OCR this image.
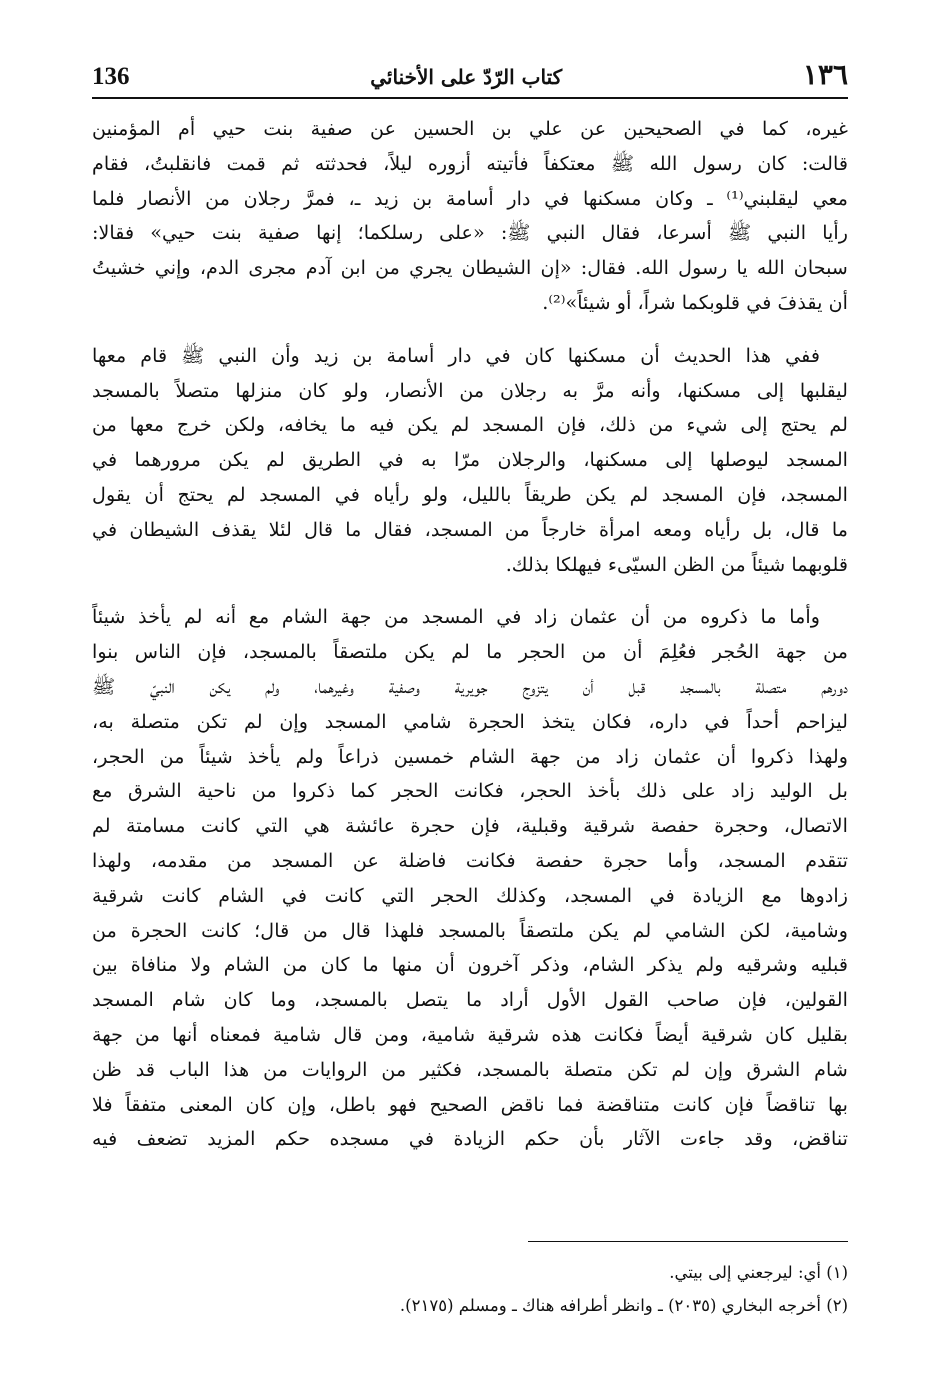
١٣٦
كتاب الرّدّ على الأخنائي
136

غيره، كما في الصحيحين عن علي بن الحسين عن صفية بنت حيي أم المؤمنين
قالت: كان رسول الله ﷺ معتكفاً فأتيته أزوره ليلاً، فحدثته ثم قمت فانقلبتُ، فقام
معي ليقلبني⁽¹⁾ ـ وكان مسكنها في دار أسامة بن زيد ـ، فمرَّ رجلان من الأنصار فلما
رأيا النبي ﷺ أسرعا، فقال النبي ﷺ: «على رسلكما؛ إنها صفية بنت حيي» فقالا:
سبحان الله يا رسول الله. فقال: «إن الشيطان يجري من ابن آدم مجرى الدم، وإني خشيتُ
أن يقذفَ في قلوبكما شراً، أو شيئاً»⁽²⁾.

ففي هذا الحديث أن مسكنها كان في دار أسامة بن زيد وأن النبي ﷺ قام معها
ليقلبها إلى مسكنها، وأنه مرَّ به رجلان من الأنصار، ولو كان منزلها متصلاً بالمسجد
لم يحتج إلى شيء من ذلك، فإن المسجد لم يكن فيه ما يخافه، ولكن خرج معها من
المسجد ليوصلها إلى مسكنها، والرجلان مرّا به في الطريق لم يكن مرورهما في
المسجد، فإن المسجد لم يكن طريقاً بالليل، ولو رأياه في المسجد لم يحتج أن يقول
ما قال، بل رأياه ومعه امرأة خارجاً من المسجد، فقال ما قال لئلا يقذف الشيطان في
قلوبهما شيئاً من الظن السيّىء فيهلكا بذلك.

وأما ما ذكروه من أن عثمان زاد في المسجد من جهة الشام مع أنه لم يأخذ شيئاً
من جهة الحُجر فعُلِمَ أن من الحجر ما لم يكن ملتصقاً بالمسجد، فإن الناس بنوا
دورهم متصلة بالمسجد قبل أن يتزوج جويرية وصفية وغيرهما، ولم يكن النبيّ ﷺ
ليزاحم أحداً في داره، فكان يتخذ الحجرة شامي المسجد وإن لم تكن متصلة به،
ولهذا ذكروا أن عثمان زاد من جهة الشام خمسين ذراعاً ولم يأخذ شيئاً من الحجر،
بل الوليد زاد على ذلك بأخذ الحجر، فكانت الحجر كما ذكروا من ناحية الشرق مع
الاتصال، وحجرة حفصة شرقية وقبلية، فإن حجرة عائشة هي التي كانت مسامتة لم
تتقدم المسجد، وأما حجرة حفصة فكانت فاضلة عن المسجد من مقدمه، ولهذا
زادوها مع الزيادة في المسجد، وكذلك الحجر التي كانت في الشام كانت شرقية
وشامية، لكن الشامي لم يكن ملتصقاً بالمسجد فلهذا قال من قال؛ كانت الحجرة من
قبليه وشرقيه ولم يذكر الشام، وذكر آخرون أن منها ما كان من الشام ولا منافاة بين
القولين، فإن صاحب القول الأول أراد ما يتصل بالمسجد، وما كان شام المسجد
بقليل كان شرقية أيضاً فكانت هذه شرقية شامية، ومن قال شامية فمعناه أنها من جهة
شام الشرق وإن لم تكن متصلة بالمسجد، فكثير من الروايات من هذا الباب قد ظن
بها تناقضاً فإن كانت متناقضة فما ناقض الصحيح فهو باطل، وإن كان المعنى متفقاً فلا
تناقض، وقد جاءت الآثار بأن حكم الزيادة في مسجده حكم المزيد تضعف فيه

(١) أي: ليرجعني إلى بيتي.
(٢) أخرجه البخاري (٢٠٣٥) ـ وانظر أطرافه هناك ـ ومسلم (٢١٧٥).
